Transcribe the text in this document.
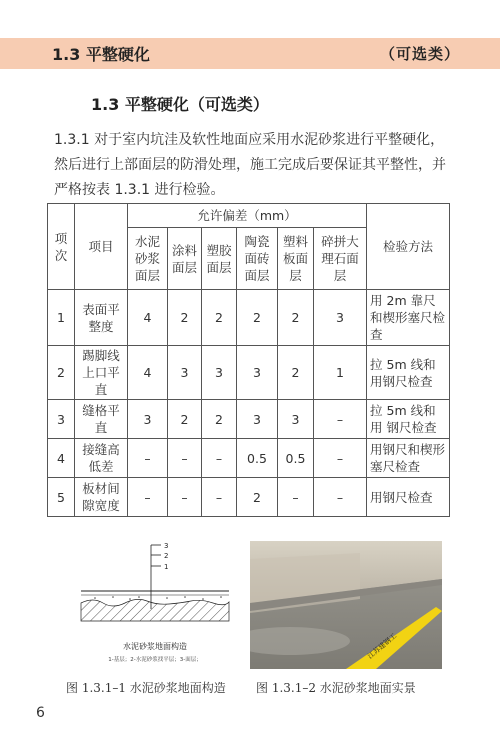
1.3 平整硬化	（可选类）
1.3 平整硬化（可选类）

1.3.1 对于室内坑洼及软性地面应采用水泥砂浆进行平整硬化，然后进行上部面层的防滑处理，施工完成后要保证其平整性，并严格按表 1.3.1 进行检验。

项次	项目	允许偏差（mm）						检验方法
		水泥砂浆面层	涂料面层	塑胶面层	陶瓷面砖面层	塑料板面层	碎拼大理石面层	
1	表面平整度	4	2	2	2	2	3	用 2m 靠尺和楔形塞尺检查
2	踢脚线上口平直	4	3	3	3	2	1	拉 5m 线和用钢尺检查
3	缝格平直	3	2	2	3	3	–	拉 5m 线和用 钢尺检查
4	接缝高低差	–	–	–	0.5	0.5	–	用钢尺和楔形塞尺检查
5	板材间隙宽度	–	–	–	2	–	–	用钢尺检查
3
2
1
水泥砂浆地面构造
1-基层；2-水泥砂浆找平层；3-面层；	江苏建钢工
图 1.3.1–1 水泥砂浆地面构造	图 1.3.1–2 水泥砂浆地面实景
6
